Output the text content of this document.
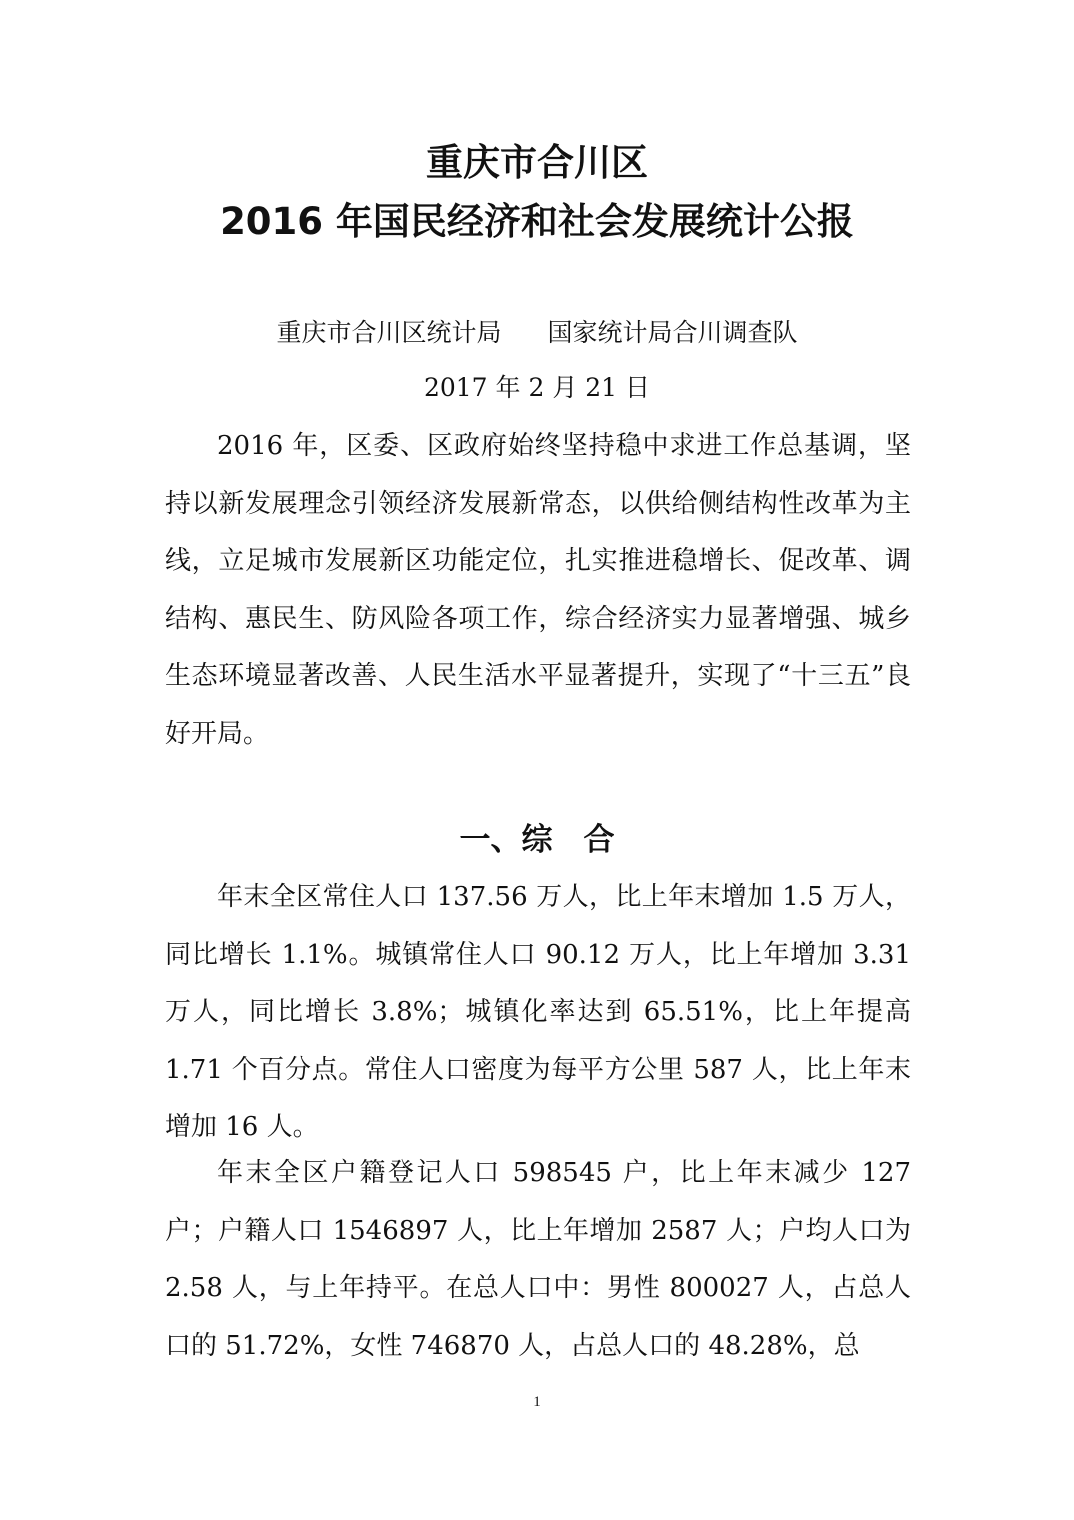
重庆市合川区
2016 年国民经济和社会发展统计公报
重庆市合川区统计局 国家统计局合川调查队
2017 年 2 月 21 日

2016 年，区委、区政府始终坚持稳中求进工作总基调，坚持以新发展理念引领经济发展新常态，以供给侧结构性改革为主线，立足城市发展新区功能定位，扎实推进稳增长、促改革、调结构、惠民生、防风险各项工作，综合经济实力显著增强、城乡生态环境显著改善、人民生活水平显著提升，实现了“十三五”良好开局。

一、综　合

年末全区常住人口 137.56 万人，比上年末增加 1.5 万人，同比增长 1.1%。城镇常住人口 90.12 万人，比上年增加 3.31 万人，同比增长 3.8%；城镇化率达到 65.51%，比上年提高 1.71 个百分点。常住人口密度为每平方公里 587 人，比上年末增加 16 人。

年末全区户籍登记人口 598545 户，比上年末减少 127 户；户籍人口 1546897 人，比上年增加 2587 人；户均人口为 2.58 人，与上年持平。在总人口中：男性 800027 人，占总人口的 51.72%，女性 746870 人，占总人口的 48.28%，总

1
